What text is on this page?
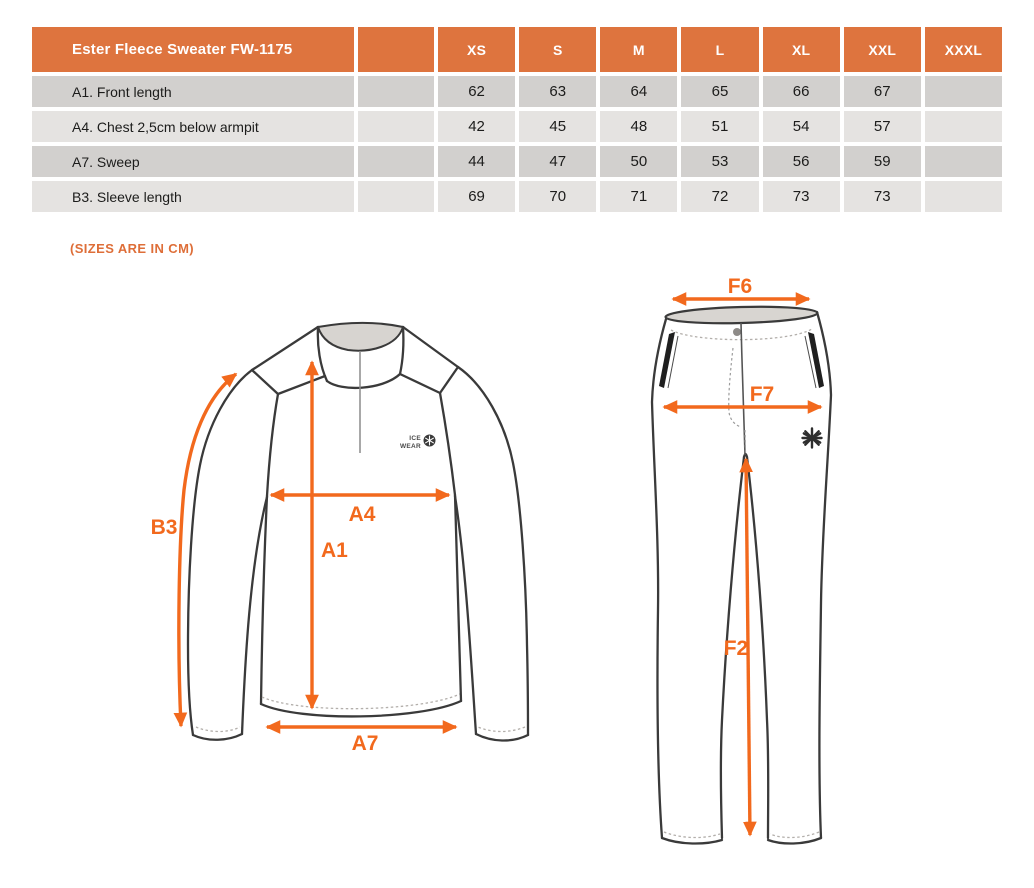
Ester Fleece Sweater FW-1175		XS	S	M	L	XL	XXL	XXXL
A1. Front length		62	63	64	65	66	67	
A4. Chest 2,5cm below armpit		42	45	48	51	54	57	
A7. Sweep		44	47	50	53	56	59	
B3. Sleeve length		69	70	71	72	73	73	
(SIZES ARE IN CM)
ICE
WEAR
B3
A1
A4
A7
F6
F7
F2
